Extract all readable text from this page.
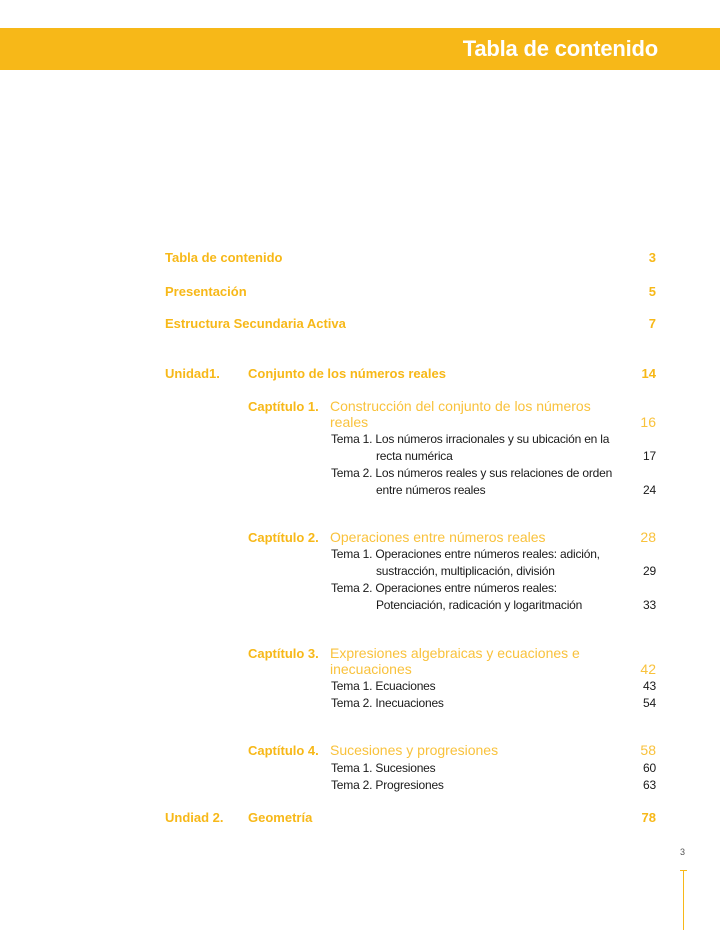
Tabla de contenido
Tabla de contenido	3
Presentación	5
Estructura Secundaria Activa	7
Unidad1. Conjunto de los números reales	14
Captítulo 1. Construcción del conjunto de los números
reales	16
Tema 1. Los números irracionales y su ubicación en la
recta numérica	17
Tema 2. Los números reales y sus relaciones de orden
entre números reales	24
Captítulo 2. Operaciones entre números reales	28
Tema 1. Operaciones entre números reales: adición,
sustracción, multiplicación, división	29
Tema 2. Operaciones entre números reales:
Potenciación, radicación y logaritmación	33
Captítulo 3. Expresiones algebraicas y ecuaciones e
inecuaciones	42
Tema 1. Ecuaciones	43
Tema 2. Inecuaciones	54
Captítulo 4. Sucesiones y progresiones	58
Tema 1. Sucesiones	60
Tema 2. Progresiones	63
Undiad 2. Geometría	78
3
